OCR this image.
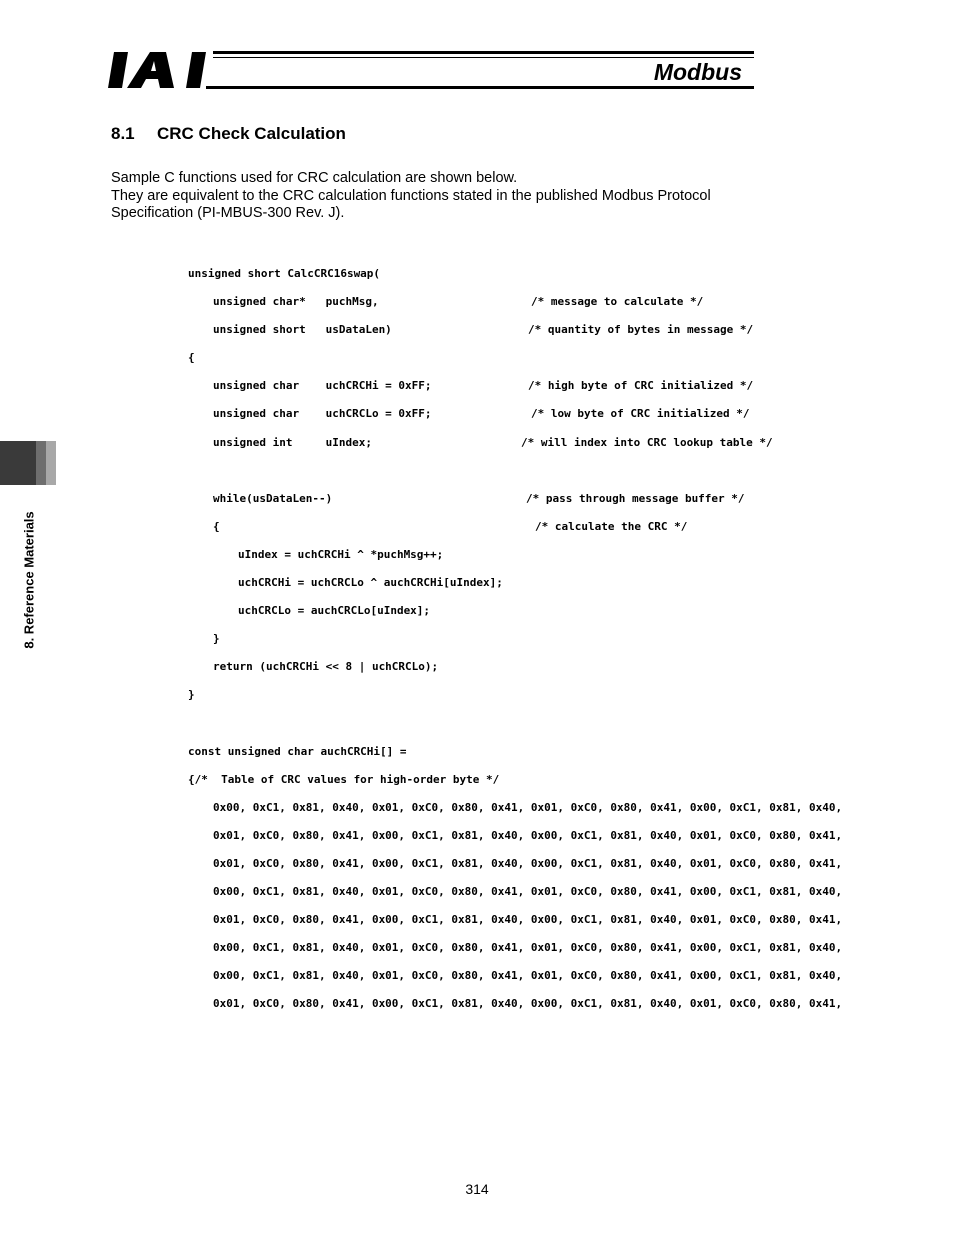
Modbus
8. Reference Materials
8.1 CRC Check Calculation

Sample C functions used for CRC calculation are shown below.

They are equivalent to the CRC calculation functions stated in the published Modbus Protocol Specification (PI-MBUS-300 Rev. J).

unsigned short CalcCRC16swap(
unsigned char*   puchMsg,	/* message to calculate */
unsigned short   usDataLen)	/* quantity of bytes in message */
{
unsigned char    uchCRCHi = 0xFF;	/* high byte of CRC initialized */
unsigned char    uchCRCLo = 0xFF;	/* low byte of CRC initialized */
unsigned int     uIndex;	/* will index into CRC lookup table */
while(usDataLen--)	/* pass through message buffer */
{	/* calculate the CRC */
uIndex = uchCRCHi ^ *puchMsg++;
uchCRCHi = uchCRCLo ^ auchCRCHi[uIndex];
uchCRCLo = auchCRCLo[uIndex];
}
return (uchCRCHi << 8 | uchCRCLo);
}
const unsigned char auchCRCHi[] =
{/*  Table of CRC values for high-order byte */
0x00, 0xC1, 0x81, 0x40, 0x01, 0xC0, 0x80, 0x41, 0x01, 0xC0, 0x80, 0x41, 0x00, 0xC1, 0x81, 0x40,
0x01, 0xC0, 0x80, 0x41, 0x00, 0xC1, 0x81, 0x40, 0x00, 0xC1, 0x81, 0x40, 0x01, 0xC0, 0x80, 0x41,
0x01, 0xC0, 0x80, 0x41, 0x00, 0xC1, 0x81, 0x40, 0x00, 0xC1, 0x81, 0x40, 0x01, 0xC0, 0x80, 0x41,
0x00, 0xC1, 0x81, 0x40, 0x01, 0xC0, 0x80, 0x41, 0x01, 0xC0, 0x80, 0x41, 0x00, 0xC1, 0x81, 0x40,
0x01, 0xC0, 0x80, 0x41, 0x00, 0xC1, 0x81, 0x40, 0x00, 0xC1, 0x81, 0x40, 0x01, 0xC0, 0x80, 0x41,
0x00, 0xC1, 0x81, 0x40, 0x01, 0xC0, 0x80, 0x41, 0x01, 0xC0, 0x80, 0x41, 0x00, 0xC1, 0x81, 0x40,
0x00, 0xC1, 0x81, 0x40, 0x01, 0xC0, 0x80, 0x41, 0x01, 0xC0, 0x80, 0x41, 0x00, 0xC1, 0x81, 0x40,
0x01, 0xC0, 0x80, 0x41, 0x00, 0xC1, 0x81, 0x40, 0x00, 0xC1, 0x81, 0x40, 0x01, 0xC0, 0x80, 0x41,
314
